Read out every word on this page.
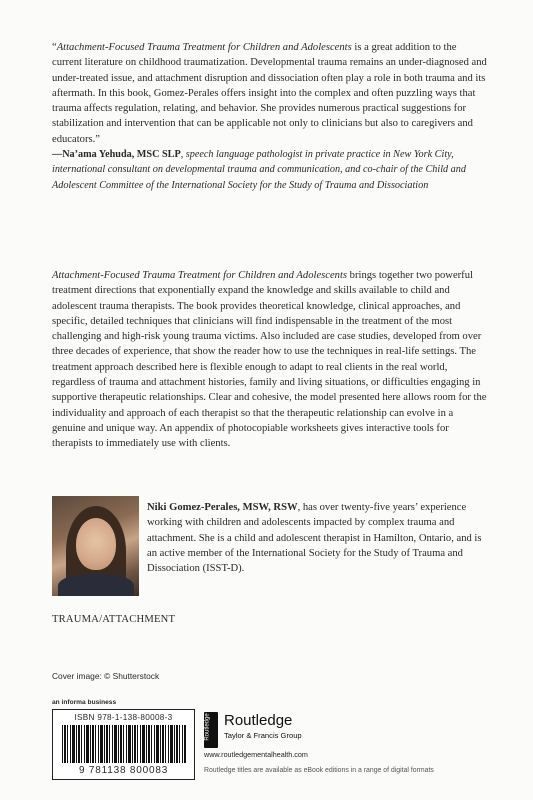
“Attachment-Focused Trauma Treatment for Children and Adolescents is a great addition to the current literature on childhood traumatization. Developmental trauma remains an under-diagnosed and under-treated issue, and attachment disruption and dissociation often play a role in both trauma and its aftermath. In this book, Gomez-Perales offers insight into the complex and often puzzling ways that trauma affects regulation, relating, and behavior. She provides numerous practical suggestions for stabilization and intervention that can be applicable not only to clinicians but also to caregivers and educators.”

—Na’ama Yehuda, MSC SLP, speech language pathologist in private practice in New York City, international consultant on developmental trauma and communication, and co-chair of the Child and Adolescent Committee of the International Society for the Study of Trauma and Dissociation

Attachment-Focused Trauma Treatment for Children and Adolescents brings together two powerful treatment directions that exponentially expand the knowledge and skills available to child and adolescent trauma therapists. The book provides theoretical knowledge, clinical approaches, and specific, detailed techniques that clinicians will find indispensable in the treatment of the most challenging and high-risk young trauma victims. Also included are case studies, developed from over three decades of experience, that show the reader how to use the techniques in real-life settings. The treatment approach described here is flexible enough to adapt to real clients in the real world, regardless of trauma and attachment histories, family and living situations, or difficulties engaging in supportive therapeutic relationships. Clear and cohesive, the model presented here allows room for the individuality and approach of each therapist so that the therapeutic relationship can evolve in a genuine and unique way. An appendix of photocopiable worksheets gives interactive tools for therapists to immediately use with clients.

Niki Gomez-Perales, MSW, RSW, has over twenty-five years’ experience working with children and adolescents impacted by complex trauma and attachment. She is a child and adolescent therapist in Hamilton, Ontario, and is an active member of the International Society for the Study of Trauma and Dissociation (ISST-D).

TRAUMA/ATTACHMENT

Cover image: © Shutterstock

an informa business

ISBN 978-1-138-80008-3
9 781138 800083
Routledge Routledge
Taylor & Francis Group
www.routledgementalhealth.com

Routledge titles are available as eBook editions in a range of digital formats
